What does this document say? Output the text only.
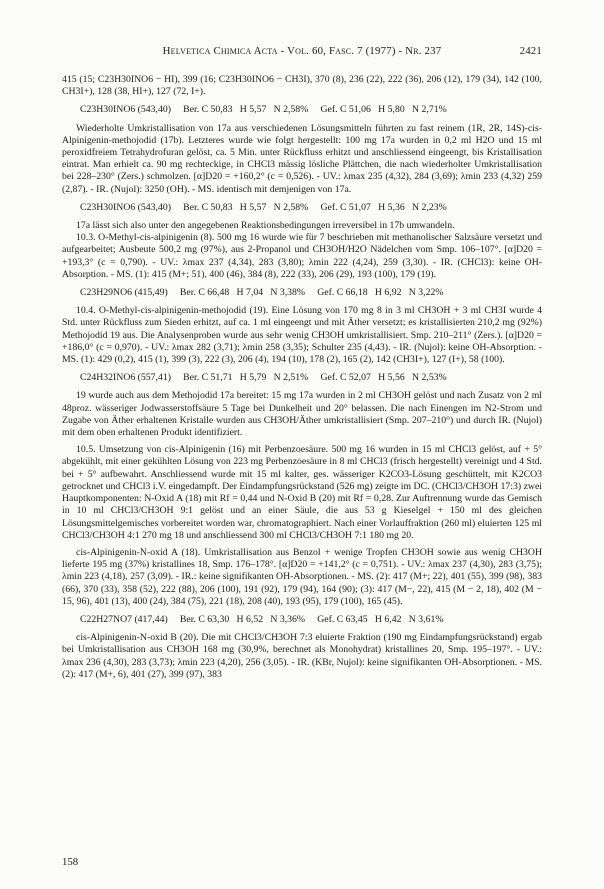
Helvetica Chimica Acta - Vol. 60, Fasc. 7 (1977) - Nr. 237	2421

415 (15; C23H30INO6 − HI), 399 (16; C23H30INO6 − CH3I), 370 (8), 236 (22), 222 (36), 206 (12), 179 (34), 142 (100, CH3I+), 128 (38, HI+), 127 (72, I+).

C23H30INO6 (543,40)     Ber. C 50,83   H 5,57   N 2,58%     Gef. C 51,06   H 5,80   N 2,71%

Wiederholte Umkristallisation von 17a aus verschiedenen Lösungsmitteln führten zu fast reinem (1R, 2R, 14S)-cis-Alpinigenin-methojodid (17b). Letzteres wurde wie folgt hergestellt: 100 mg 17a wurden in 0,2 ml H2O und 15 ml peroxidfreiem Tetrahydrofuran gelöst, ca. 5 Min. unter Rückfluss erhitzt und anschliessend eingeengt, bis Kristallisation eintrat. Man erhielt ca. 90 mg rechteckige, in CHCl3 mässig lösliche Plättchen, die nach wiederholter Umkristallisation bei 228–230° (Zers.) schmolzen. [α]D20 = +160,2° (c = 0,526). - UV.: λmax 235 (4,32), 284 (3,69); λmin 233 (4,32) 259 (2,87). - IR. (Nujol): 3250 (OH). - MS. identisch mit demjenigen von 17a.

C23H30INO6 (543,40)     Ber. C 50,83   H 5,57   N 2,58%     Gef. C 51,07   H 5,36   N 2,23%

17a lässt sich also unter den angegebenen Reaktionsbedingungen irreversibel in 17b umwandeln.

10.3. O-Methyl-cis-alpinigenin (8). 500 mg 16 wurde wie für 7 beschrieben mit methanolischer Salzsäure versetzt und aufgearbeitet; Ausbeute 500,2 mg (97%), aus 2-Propanol und CH3OH/H2O Nädelchen vom Smp. 106–107°. [α]D20 = +193,3° (c = 0,790). - UV.: λmax 237 (4,34), 283 (3,80); λmin 222 (4,24), 259 (3,30). - IR. (CHCl3): keine OH-Absorption. - MS. (1): 415 (M+; 51), 400 (46), 384 (8), 222 (33), 206 (29), 193 (100), 179 (19).

C23H29NO6 (415,49)     Ber. C 66,48   H 7,04   N 3,38%     Gef. C 66,18   H 6,92   N 3,22%

10.4. O-Methyl-cis-alpinigenin-methojodid (19). Eine Lösung von 170 mg 8 in 3 ml CH3OH + 3 ml CH3I wurde 4 Std. unter Rückfluss zum Sieden erhitzt, auf ca. 1 ml eingeengt und mit Äther versetzt; es kristallisierten 210,2 mg (92%) Methojodid 19 aus. Die Analysenproben wurde aus sehr wenig CH3OH umkristallisiert. Smp. 210–211° (Zers.). [α]D20 = +186,0° (c = 0,970). - UV.: λmax 282 (3,71); λmin 258 (3,35); Schulter 235 (4,43). - IR. (Nujol): keine OH-Absorption. - MS. (1): 429 (0,2), 415 (1), 399 (3), 222 (3), 206 (4), 194 (10), 178 (2), 165 (2), 142 (CH3I+), 127 (I+), 58 (100).

C24H32INO6 (557,41)     Ber. C 51,71   H 5,79   N 2,51%     Gef. C 52,07   H 5,56   N 2,53%

19 wurde auch aus dem Methojodid 17a bereitet: 15 mg 17a wurden in 2 ml CH3OH gelöst und nach Zusatz von 2 ml 48proz. wässeriger Jodwasserstoffsäure 5 Tage bei Dunkelheit und 20° belassen. Die nach Einengen im N2-Strom und Zugabe von Äther erhaltenen Kristalle wurden aus CH3OH/Äther umkristallisiert (Smp. 207–210°) und durch IR. (Nujol) mit dem oben erhaltenen Produkt identifiziert.

10.5. Umsetzung von cis-Alpinigenin (16) mit Perbenzoesäure. 500 mg 16 wurden in 15 ml CHCl3 gelöst, auf + 5° abgekühlt, mit einer gekühlten Lösung von 223 mg Perbenzoesäure in 8 ml CHCl3 (frisch hergestellt) vereinigt und 4 Std. bei + 5° aufbewahrt. Anschliessend wurde mit 15 ml kalter, ges. wässeriger K2CO3-Lösung geschüttelt, mit K2CO3 getrocknet und CHCl3 i.V. eingedampft. Der Eindampfungsrückstand (526 mg) zeigte im DC. (CHCl3/CH3OH 17:3) zwei Hauptkomponenten: N-Oxid A (18) mit Rf = 0,44 und N-Oxid B (20) mit Rf = 0,28. Zur Auftrennung wurde das Gemisch in 10 ml CHCl3/CH3OH 9:1 gelöst und an einer Säule, die aus 53 g Kieselgel + 150 ml des gleichen Lösungsmittelgemisches vorbereitet worden war, chromatographiert. Nach einer Vorlauffraktion (260 ml) eluierten 125 ml CHCl3/CH3OH 4:1 270 mg 18 und anschliessend 300 ml CHCl3/CH3OH 7:1 180 mg 20.

cis-Alpinigenin-N-oxid A (18). Umkristallisation aus Benzol + wenige Tropfen CH3OH sowie aus wenig CH3OH lieferte 195 mg (37%) kristallines 18, Smp. 176–178°. [α]D20 = +141,2° (c = 0,751). - UV.: λmax 237 (4,30), 283 (3,75); λmin 223 (4,18), 257 (3,09). - IR.: keine signifikanten OH-Absorptionen. - MS. (2): 417 (M+; 22), 401 (55), 399 (98), 383 (66), 370 (33), 358 (52), 222 (88), 206 (100), 191 (92), 179 (94), 164 (90); (3): 417 (M−, 22), 415 (M − 2, 18), 402 (M − 15, 96), 401 (13), 400 (24), 384 (75), 221 (18), 208 (40), 193 (95), 179 (100), 165 (45).

C22H27NO7 (417,44)     Ber. C 63,30   H 6,52   N 3,36%     Gef. C 63,45   H 6,42   N 3,61%

cis-Alpinigenin-N-oxid B (20). Die mit CHCl3/CH3OH 7:3 eluierte Fraktion (190 mg Eindampfungsrückstand) ergab bei Umkristallisation aus CH3OH 168 mg (30,9%, berechnet als Monohydrat) kristallines 20, Smp. 195–197°. - UV.: λmax 236 (4,30), 283 (3,73); λmin 223 (4,20), 256 (3,05). - IR. (KBr, Nujol): keine signifikanten OH-Absorptionen. - MS. (2): 417 (M+, 6), 401 (27), 399 (97), 383

158
